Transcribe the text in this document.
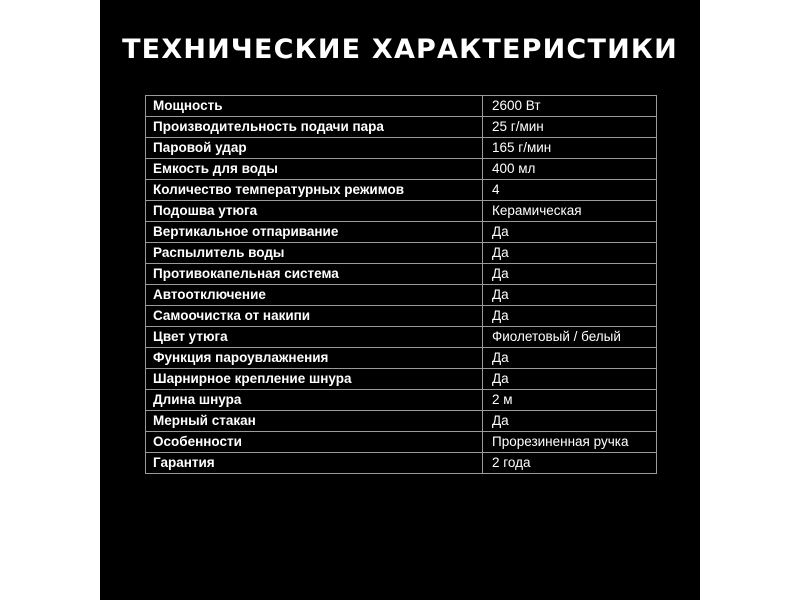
ТЕХНИЧЕСКИЕ ХАРАКТЕРИСТИКИ
Мощность	2600 Вт
Производительность подачи пара	25 г/мин
Паровой удар	165 г/мин
Емкость для воды	400 мл
Количество температурных режимов	4
Подошва утюга	Керамическая
Вертикальное отпаривание	Да
Распылитель воды	Да
Противокапельная система	Да
Автоотключение	Да
Самоочистка от накипи	Да
Цвет утюга	Фиолетовый / белый
Функция пароувлажнения	Да
Шарнирное крепление шнура	Да
Длина шнура	2 м
Мерный стакан	Да
Особенности	Прорезиненная ручка
Гарантия	2 года
